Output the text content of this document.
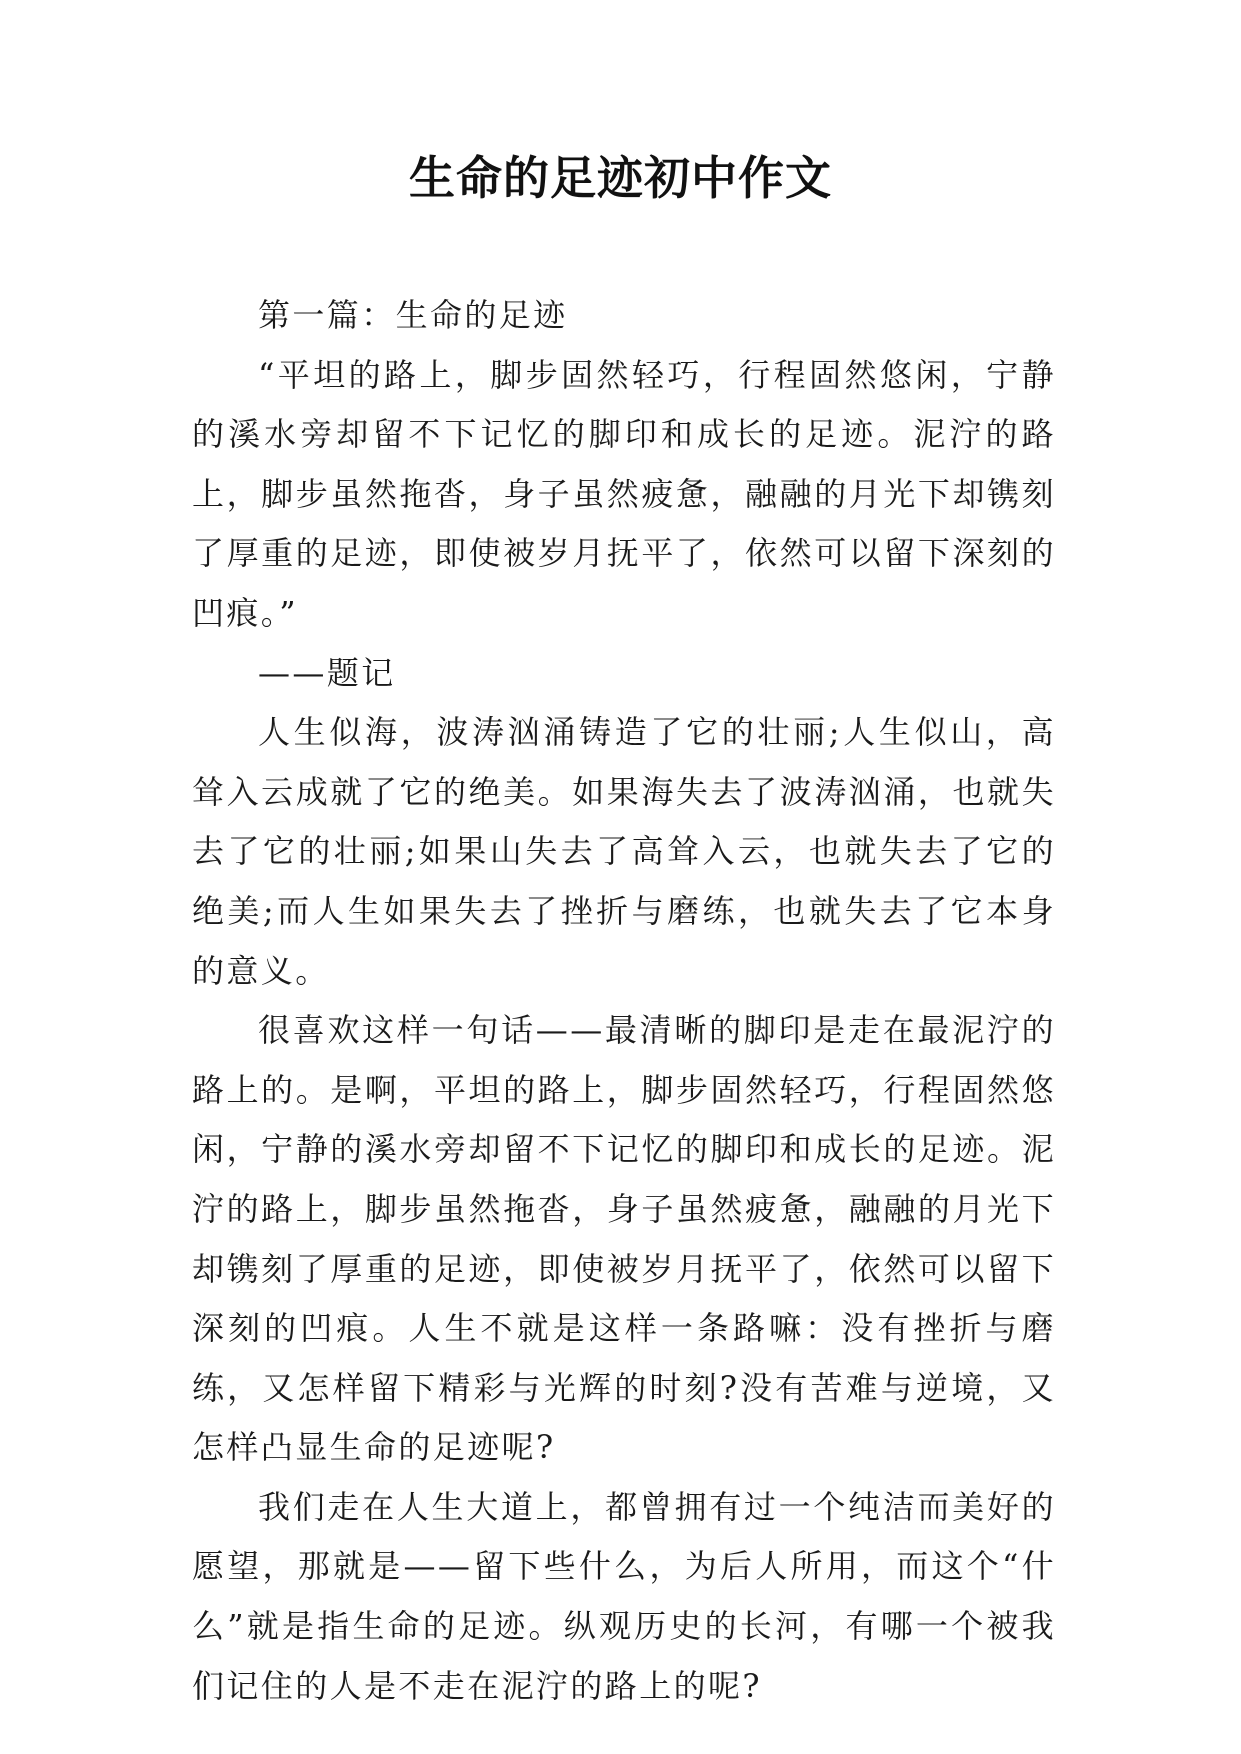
生命的足迹初中作文

第一篇：生命的足迹

“平坦的路上，脚步固然轻巧，行程固然悠闲，宁静的溪水旁却留不下记忆的脚印和成长的足迹。泥泞的路上，脚步虽然拖沓，身子虽然疲惫，融融的月光下却镌刻了厚重的足迹，即使被岁月抚平了，依然可以留下深刻的凹痕。”

——题记

人生似海，波涛汹涌铸造了它的壮丽;人生似山，高耸入云成就了它的绝美。如果海失去了波涛汹涌，也就失去了它的壮丽;如果山失去了高耸入云，也就失去了它的绝美;而人生如果失去了挫折与磨练，也就失去了它本身的意义。

很喜欢这样一句话——最清晰的脚印是走在最泥泞的路上的。是啊，平坦的路上，脚步固然轻巧，行程固然悠闲，宁静的溪水旁却留不下记忆的脚印和成长的足迹。泥泞的路上，脚步虽然拖沓，身子虽然疲惫，融融的月光下却镌刻了厚重的足迹，即使被岁月抚平了，依然可以留下深刻的凹痕。人生不就是这样一条路嘛：没有挫折与磨练，又怎样留下精彩与光辉的时刻?没有苦难与逆境，又怎样凸显生命的足迹呢?

我们走在人生大道上，都曾拥有过一个纯洁而美好的愿望，那就是——留下些什么，为后人所用，而这个“什么”就是指生命的足迹。纵观历史的长河，有哪一个被我们记住的人是不走在泥泞的路上的呢?
